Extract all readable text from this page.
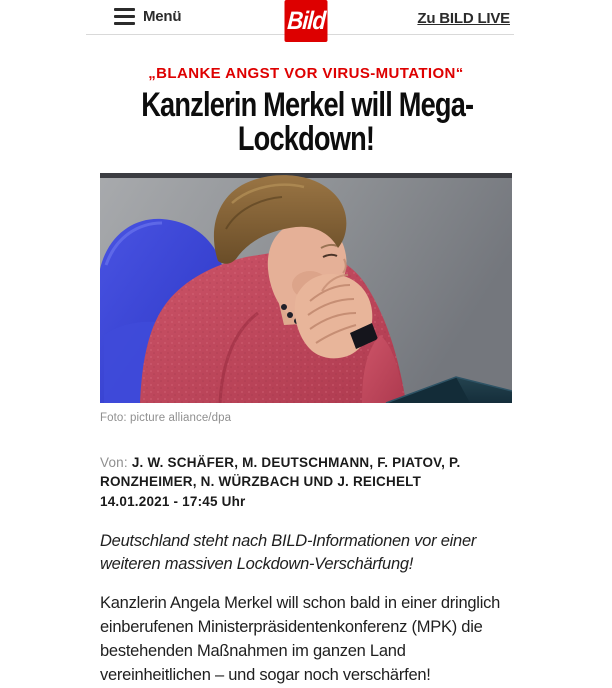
Menü	Bild	Zu BILD LIVE
„BLANKE ANGST VOR VIRUS-MUTATION“
Kanzlerin Merkel will Mega-
Lockdown!
Foto: picture alliance/dpa
Von: J. W. SCHÄFER, M. DEUTSCHMANN, F. PIATOV, P. RONZHEIMER, N. WÜRZBACH UND J. REICHELT
14.01.2021 - 17:45 Uhr

Deutschland steht nach BILD-Informationen vor einer weiteren massiven Lockdown-Verschärfung!

Kanzlerin Angela Merkel will schon bald in einer dringlich einberufenen Ministerpräsidentenkonferenz (MPK) die bestehenden Maßnahmen im ganzen Land vereinheitlichen – und sogar noch verschärfen!
